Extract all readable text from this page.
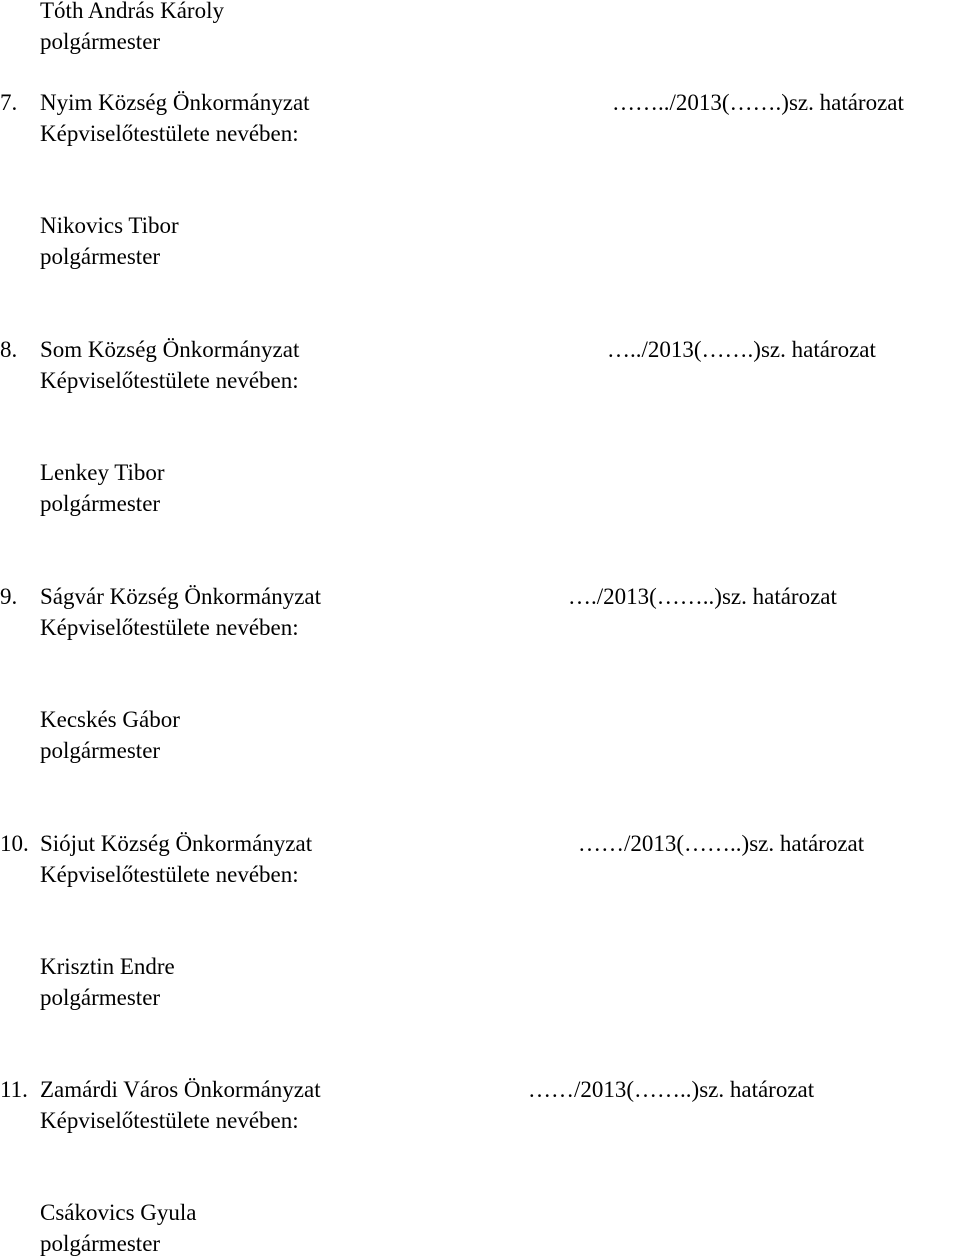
Tóth András Károly
polgármester
7. Nyim Község Önkormányzat	……../2013(…….)sz. határozat
Képviselőtestülete nevében:
Nikovics Tibor
polgármester
8. Som Község Önkormányzat	…../2013(…….)sz. határozat
Képviselőtestülete nevében:
Lenkey Tibor
polgármester
9. Ságvár Község Önkormányzat	…./2013(……..)sz. határozat
Képviselőtestülete nevében:
Kecskés Gábor
polgármester
10. Siójut Község Önkormányzat	……/2013(……..)sz. határozat
Képviselőtestülete nevében:
Krisztin Endre
polgármester
11. Zamárdi Város Önkormányzat	……/2013(……..)sz. határozat
Képviselőtestülete nevében:
Csákovics Gyula
polgármester
